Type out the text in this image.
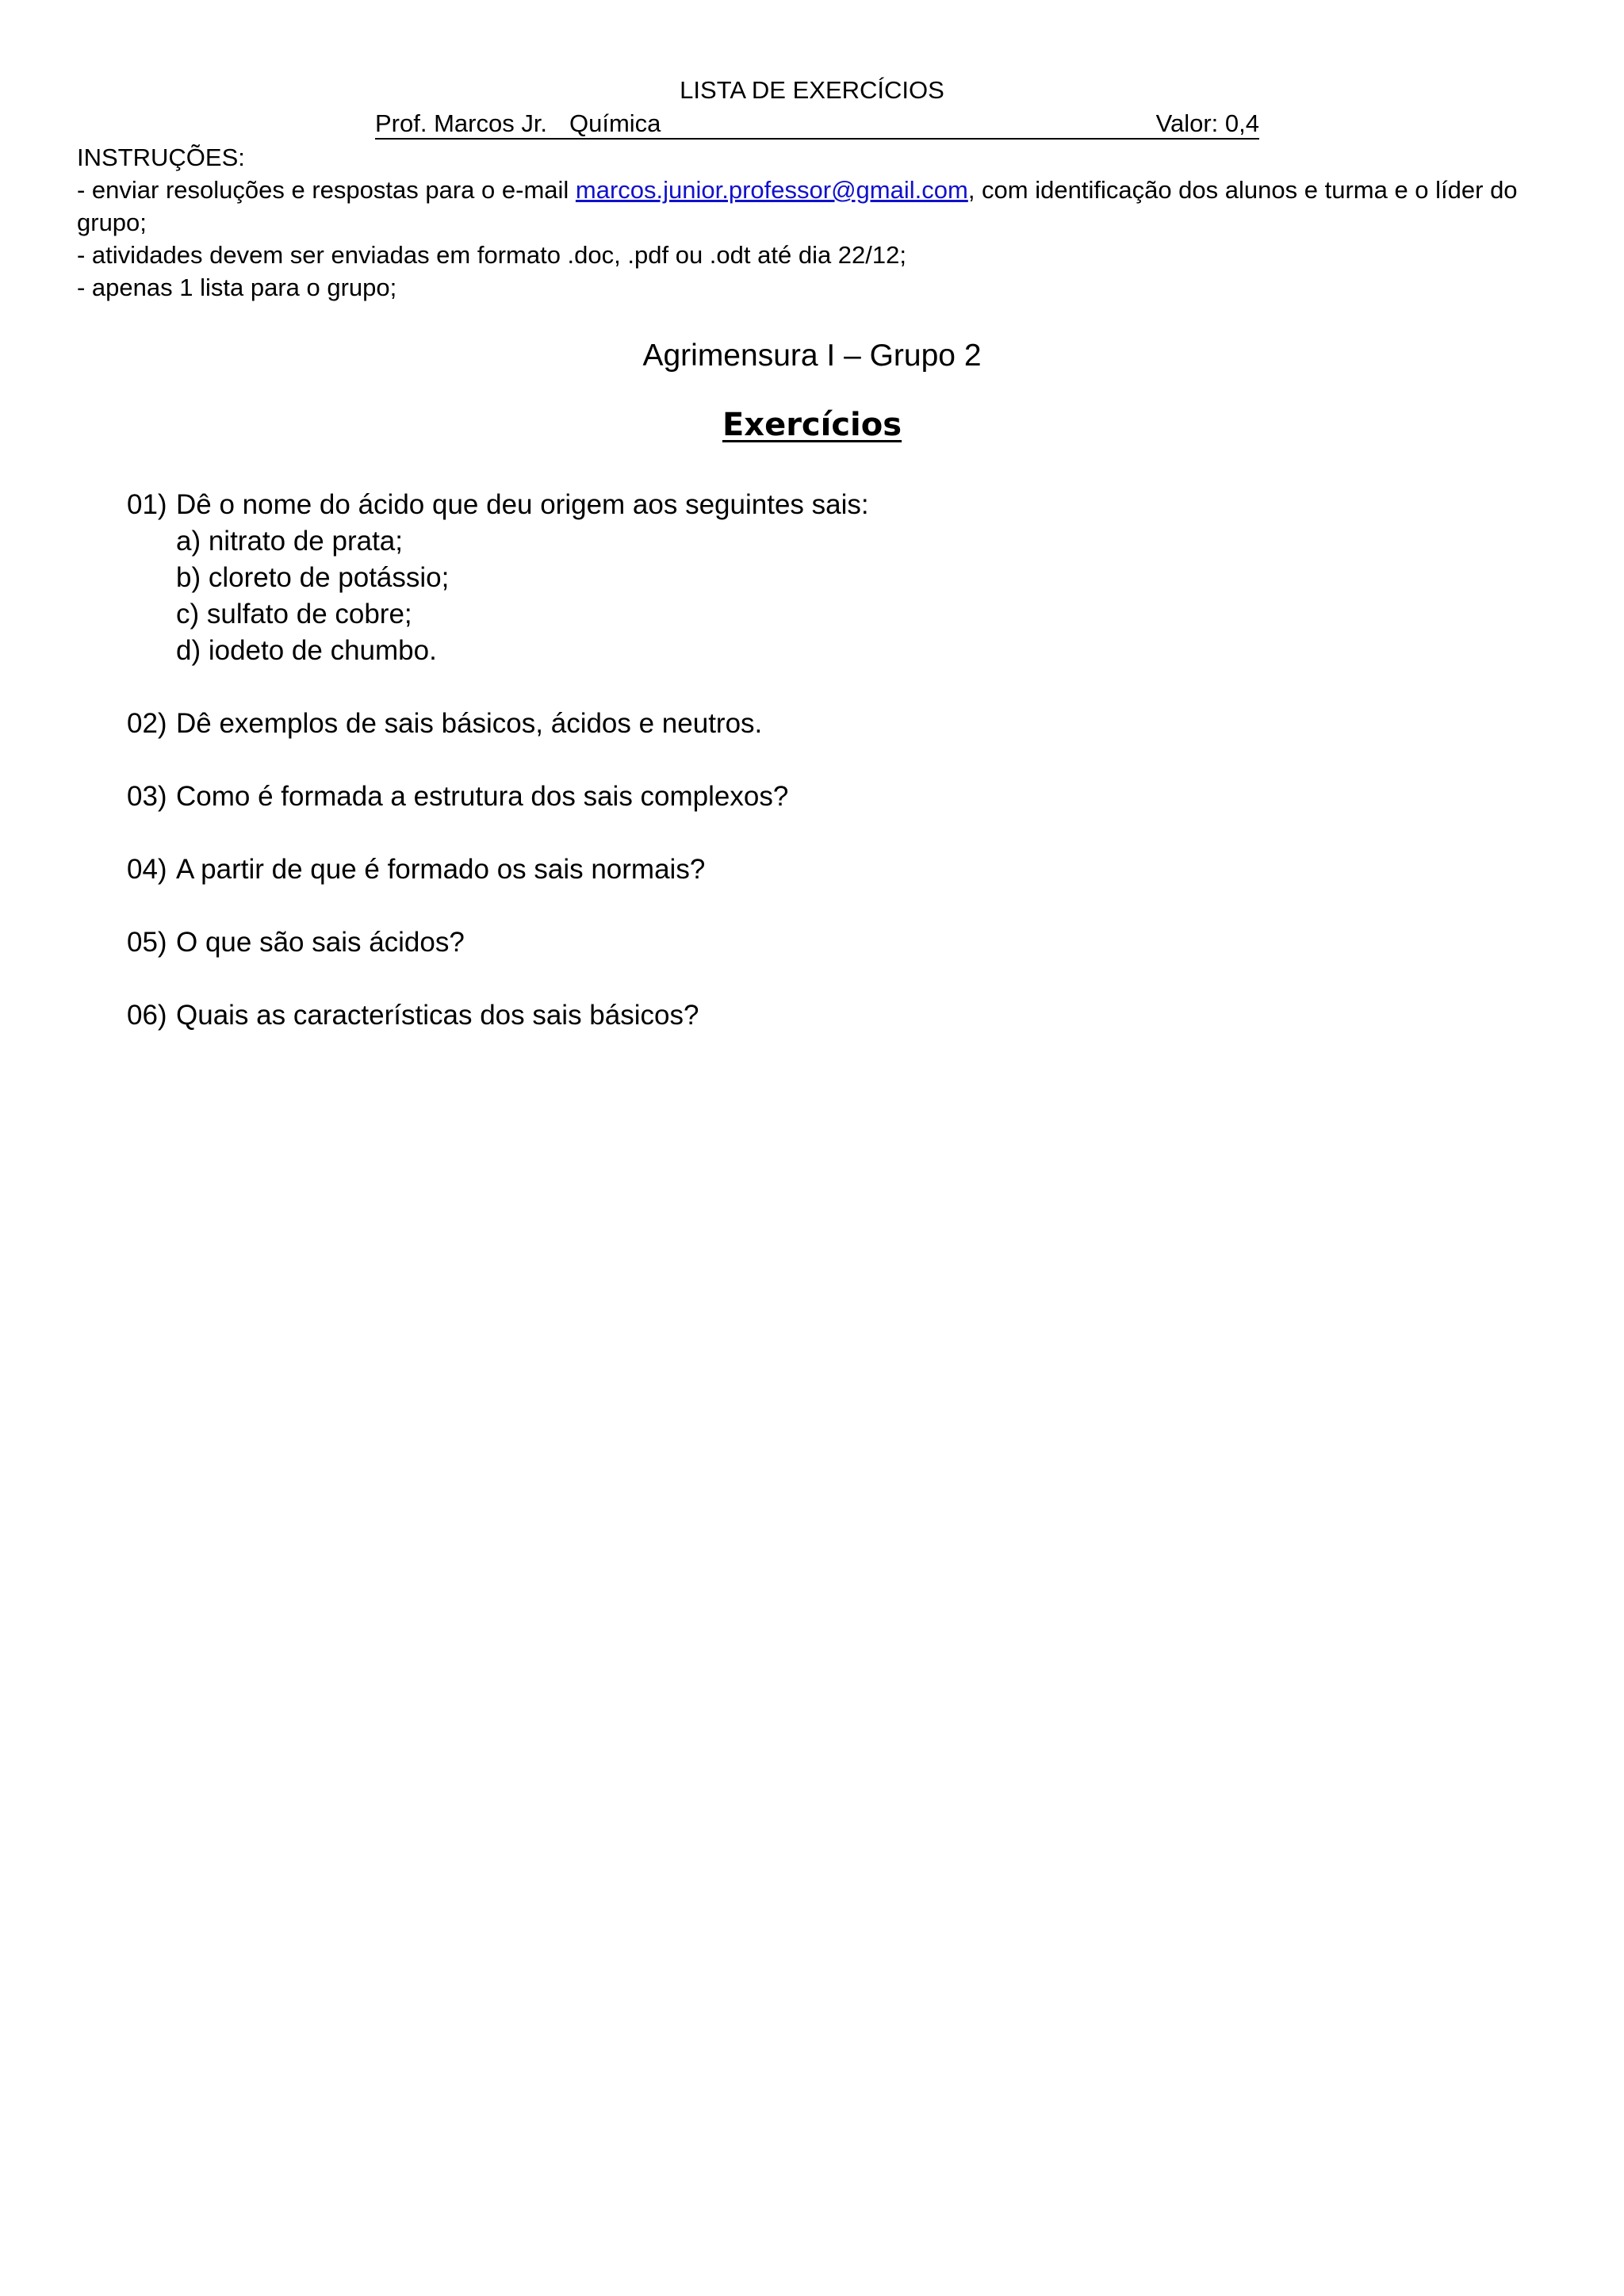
LISTA DE EXERCÍCIOS
Prof. Marcos Jr. Química	Valor: 0,4

INSTRUÇÕES:

- enviar resoluções e respostas para o e-mail marcos.junior.professor@gmail.com, com identificação dos alunos e turma e o líder do grupo;

- atividades devem ser enviadas em formato .doc, .pdf ou .odt até dia 22/12;

- apenas 1 lista para o grupo;

Agrimensura I – Grupo 2
Exercícios
01) Dê o nome do ácido que deu origem aos seguintes sais:
a) nitrato de prata;
b) cloreto de potássio;
c) sulfato de cobre;
d) iodeto de chumbo.
02) Dê exemplos de sais básicos, ácidos e neutros.
03) Como é formada a estrutura dos sais complexos?
04) A partir de que é formado os sais normais?
05) O que são sais ácidos?
06) Quais as características dos sais básicos?
